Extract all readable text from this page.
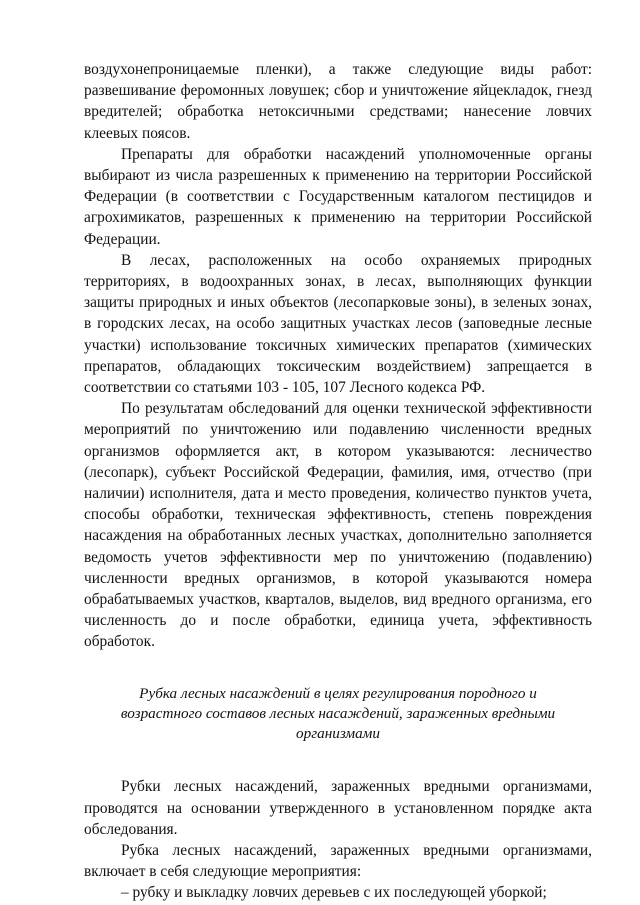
воздухонепроницаемые пленки), а также следующие виды работ: развешивание феромонных ловушек; сбор и уничтожение яйцекладок, гнезд вредителей; обработка нетоксичными средствами; нанесение ловчих клеевых поясов.

Препараты для обработки насаждений уполномоченные органы выбирают из числа разрешенных к применению на территории Российской Федерации (в соответствии с Государственным каталогом пестицидов и агрохимикатов, разрешенных к применению на территории Российской Федерации.

В лесах, расположенных на особо охраняемых природных территориях, в водоохранных зонах, в лесах, выполняющих функции защиты природных и иных объектов (лесопарковые зоны), в зеленых зонах, в городских лесах, на особо защитных участках лесов (заповедные лесные участки) использование токсичных химических препаратов (химических препаратов, обладающих токсическим воздействием) запрещается в соответствии со статьями 103 - 105, 107 Лесного кодекса РФ.

По результатам обследований для оценки технической эффективности мероприятий по уничтожению или подавлению численности вредных организмов оформляется акт, в котором указываются: лесничество (лесопарк), субъект Российской Федерации, фамилия, имя, отчество (при наличии) исполнителя, дата и место проведения, количество пунктов учета, способы обработки, техническая эффективность, степень повреждения насаждения на обработанных лесных участках, дополнительно заполняется ведомость учетов эффективности мер по уничтожению (подавлению) численности вредных организмов, в которой указываются номера обрабатываемых участков, кварталов, выделов, вид вредного организма, его численность до и после обработки, единица учета, эффективность обработок.

Рубка лесных насаждений в целях регулирования породного и возрастного составов лесных насаждений, зараженных вредными организмами

Рубки лесных насаждений, зараженных вредными организмами, проводятся на основании утвержденного в установленном порядке акта обследования.

Рубка лесных насаждений, зараженных вредными организмами, включает в себя следующие мероприятия:

– рубку и выкладку ловчих деревьев с их последующей уборкой;
